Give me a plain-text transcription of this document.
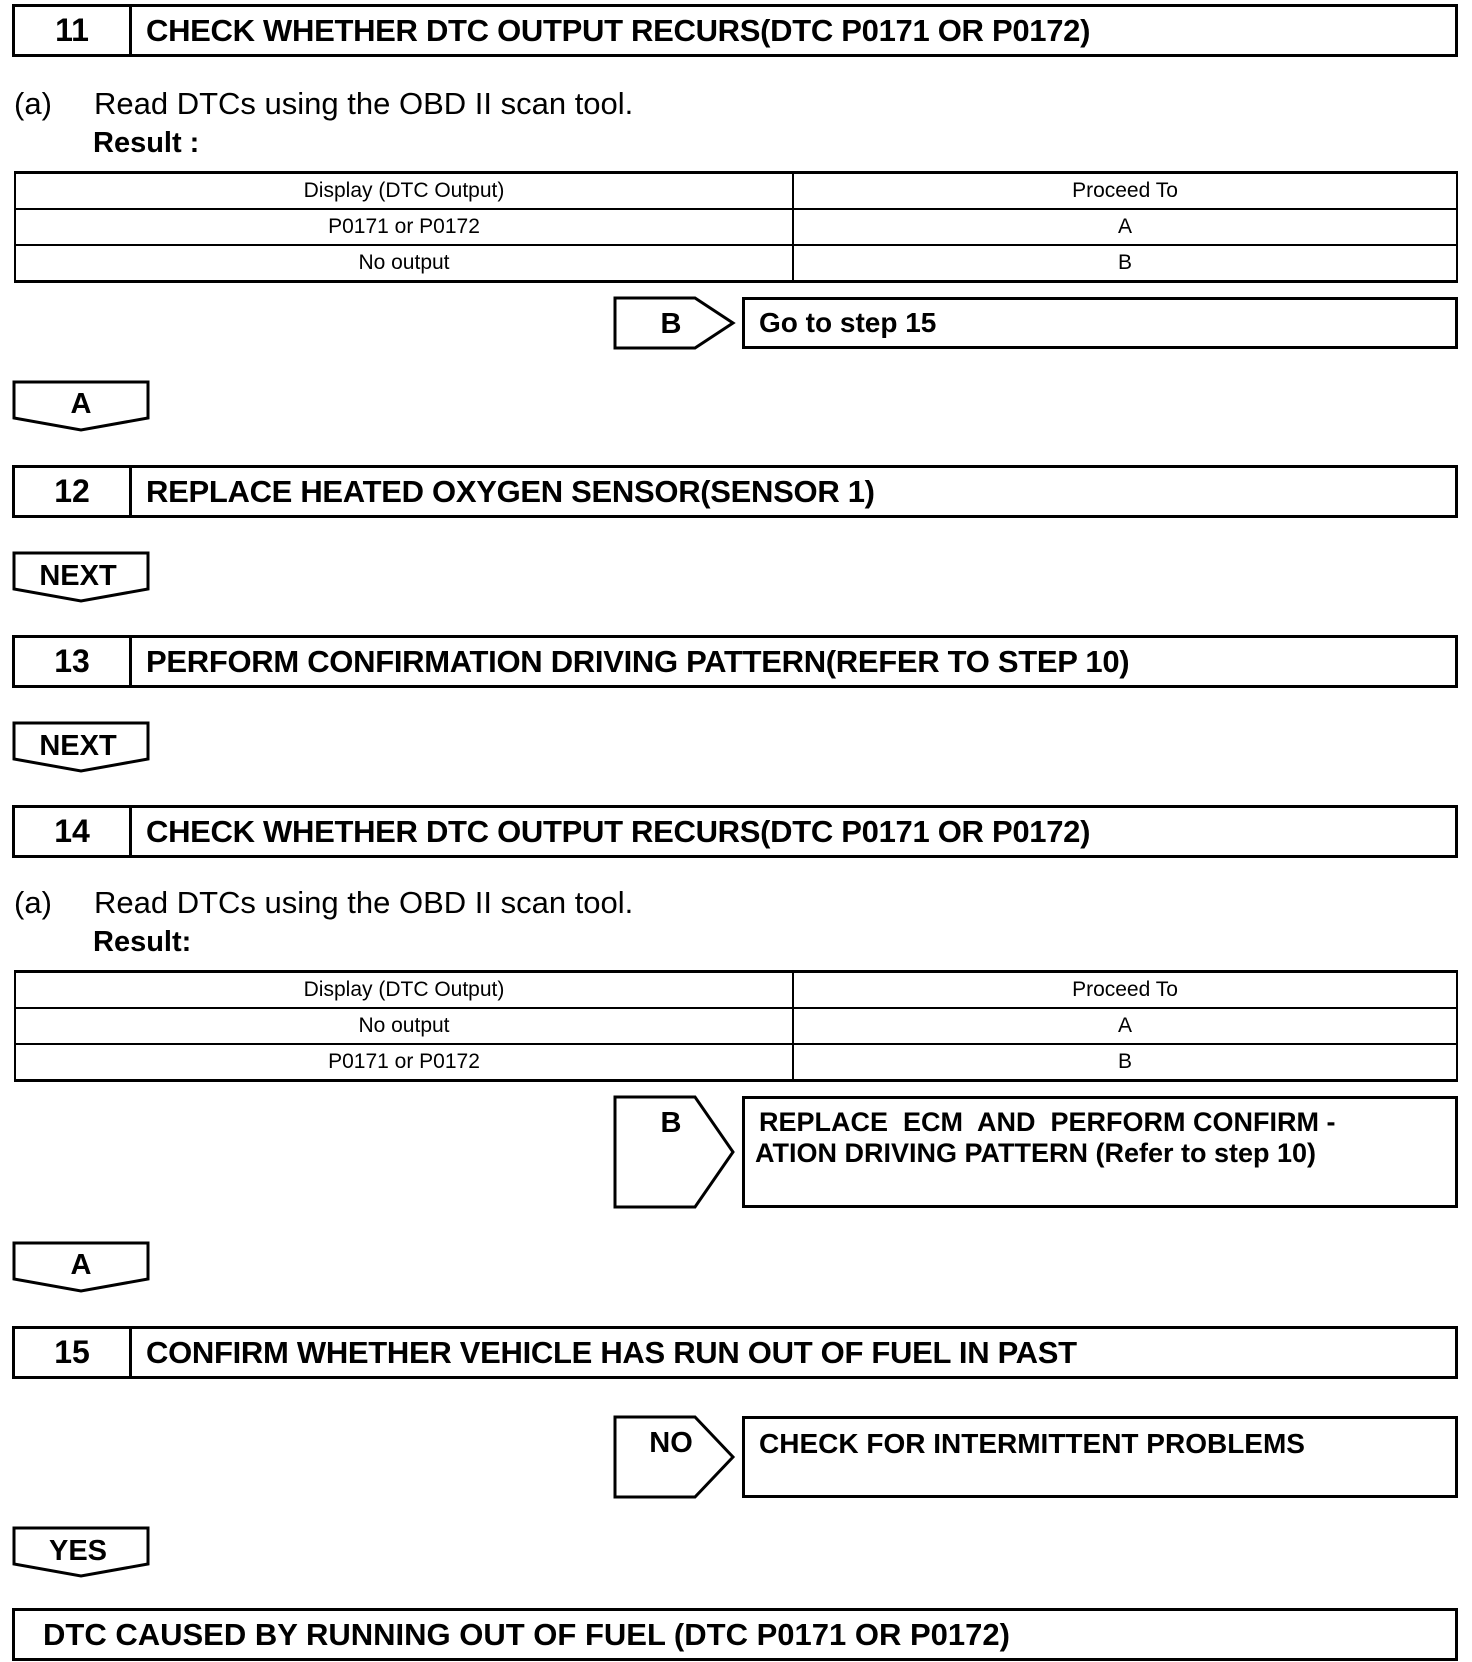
11	CHECK WHETHER DTC OUTPUT RECURS(DTC P0171 OR P0172)
(a) Read DTCs using the OBD II scan tool.
Result :
Display (DTC Output)	Proceed To
P0171 or P0172	A
No output	B
B	Go to step 15
A
12	REPLACE HEATED OXYGEN SENSOR(SENSOR 1)
NEXT
13	PERFORM CONFIRMATION DRIVING PATTERN(REFER TO STEP 10)
NEXT
14	CHECK WHETHER DTC OUTPUT RECURS(DTC P0171 OR P0172)
(a) Read DTCs using the OBD II scan tool.
Result:
Display (DTC Output)	Proceed To
No output	A
P0171 or P0172	B
B	REPLACE  ECM  AND  PERFORM CONFIRM -
ATION DRIVING PATTERN (Refer to step 10)
A
15	CONFIRM WHETHER VEHICLE HAS RUN OUT OF FUEL IN PAST
NO	CHECK FOR INTERMITTENT PROBLEMS
YES
DTC CAUSED BY RUNNING OUT OF FUEL (DTC P0171 OR P0172)
